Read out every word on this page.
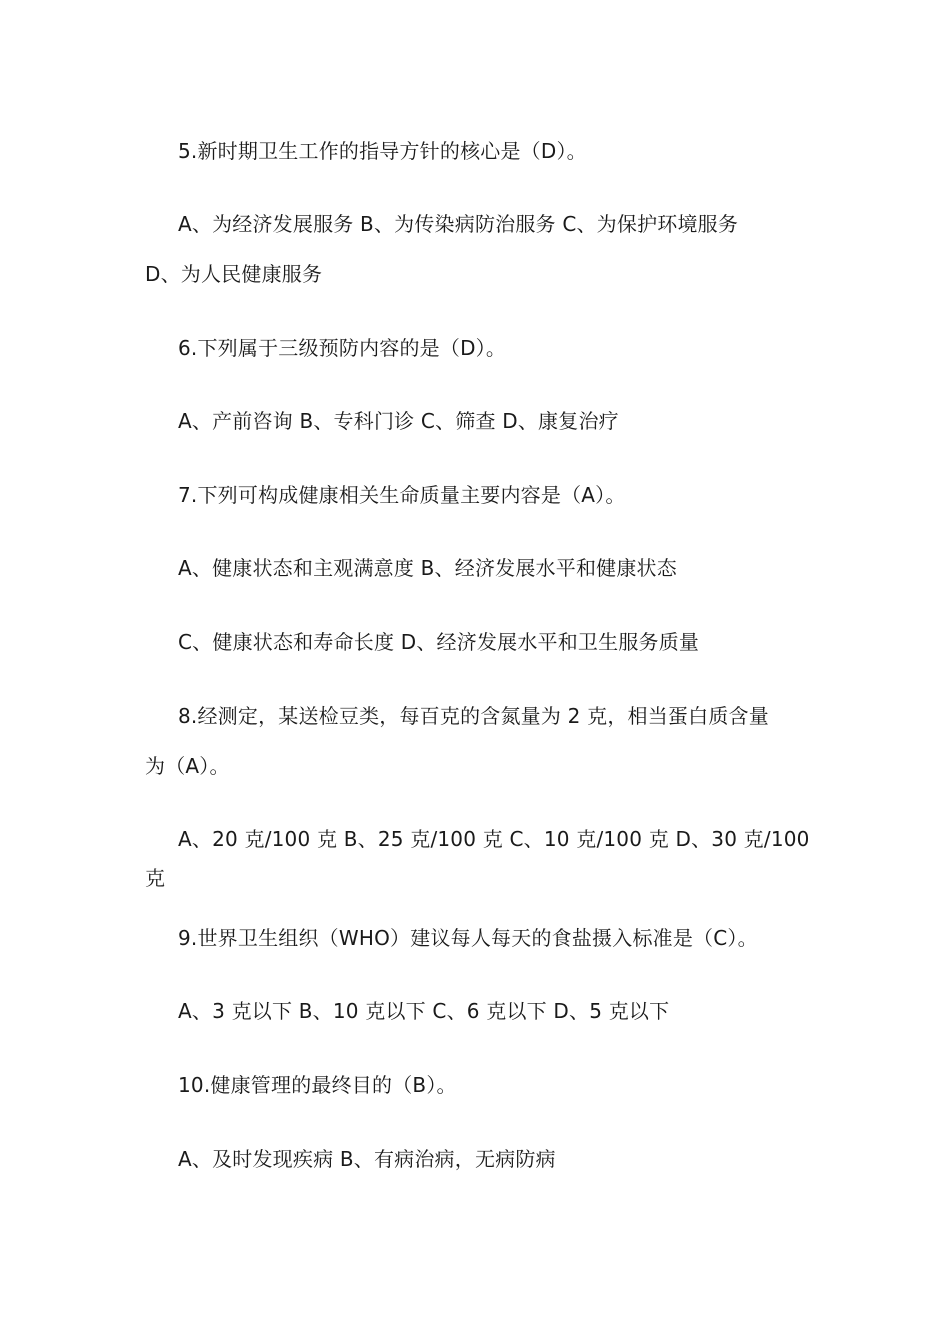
5.新时期卫生工作的指导方针的核心是（D）。
A、为经济发展服务 B、为传染病防治服务 C、为保护环境服务
D、为人民健康服务
6.下列属于三级预防内容的是（D）。
A、产前咨询 B、专科门诊 C、筛查 D、康复治疗
7.下列可构成健康相关生命质量主要内容是（A）。
A、健康状态和主观满意度 B、经济发展水平和健康状态
C、健康状态和寿命长度 D、经济发展水平和卫生服务质量
8.经测定，某送检豆类，每百克的含氮量为 2 克，相当蛋白质含量
为（A）。
A、20 克/100 克 B、25 克/100 克 C、10 克/100 克 D、30 克/100
克
9.世界卫生组织（WHO）建议每人每天的食盐摄入标准是（C）。
A、3 克以下 B、10 克以下 C、6 克以下 D、5 克以下
10.健康管理的最终目的（B）。
A、及时发现疾病 B、有病治病，无病防病
